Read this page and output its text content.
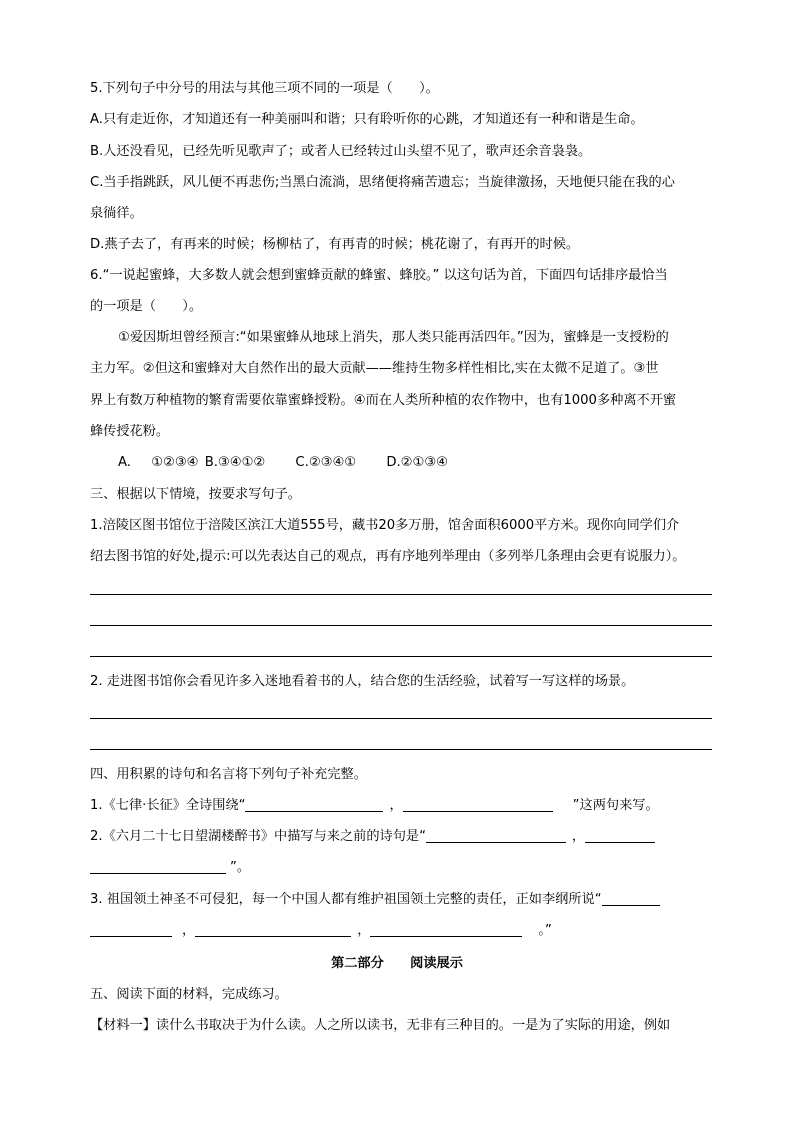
5.下列句子中分号的用法与其他三项不同的一项是（　　）。
A.只有走近你，才知道还有一种美丽叫和谐；只有聆听你的心跳，才知道还有一种和谐是生命。
B.人还没看见，已经先听见歌声了；或者人已经转过山头望不见了，歌声还余音袅袅。
C.当手指跳跃，风儿便不再悲伤;当黑白流淌，思绪便将痛苦遗忘；当旋律激扬，天地便只能在我的心
泉徜徉。
D.燕子去了，有再来的时候；杨柳枯了，有再青的时候；桃花谢了，有再开的时候。
6.“一说起蜜蜂，大多数人就会想到蜜蜂贡献的蜂蜜、蜂胶。” 以这句话为首，下面四句话排序最恰当
的一项是（　　）。
①爱因斯坦曾经预言:“如果蜜蜂从地球上消失，那人类只能再活四年。”因为，蜜蜂是一支授粉的
主力军。②但这和蜜蜂对大自然作出的最大贡献——维持生物多样性相比,实在太微不足道了。③世
界上有数万种植物的繁育需要依靠蜜蜂授粉。④而在人类所种植的农作物中，也有1000多种离不开蜜
蜂传授花粉。
A. ①②③④ B.③④①② C.②③④① D.②①③④
三、根据以下情境，按要求写句子。
1.涪陵区图书馆位于涪陵区滨江大道555号，藏书20多万册，馆舍面积6000平方米。现你向同学们介
绍去图书馆的好处,提示:可以先表达自己的观点，再有序地列举理由（多列举几条理由会更有说服力）。
2. 走进图书馆你会看见许多入迷地看着书的人，结合您的生活经验，试着写一写这样的场景。
四、用积累的诗句和名言将下列句子补充完整。
1.《七律·长征》全诗围绕“	，	”这两句来写。
2.《六月二十七日望湖楼醉书》中描写与来之前的诗句是“	，
”。
3. 祖国领土神圣不可侵犯，每一个中国人都有维护祖国领土完整的责任，正如李纲所说“
，	，	。”
第二部分　　阅读展示
五、阅读下面的材料，完成练习。
【材料一】读什么书取决于为什么读。人之所以读书，无非有三种目的。一是为了实际的用途，例如
